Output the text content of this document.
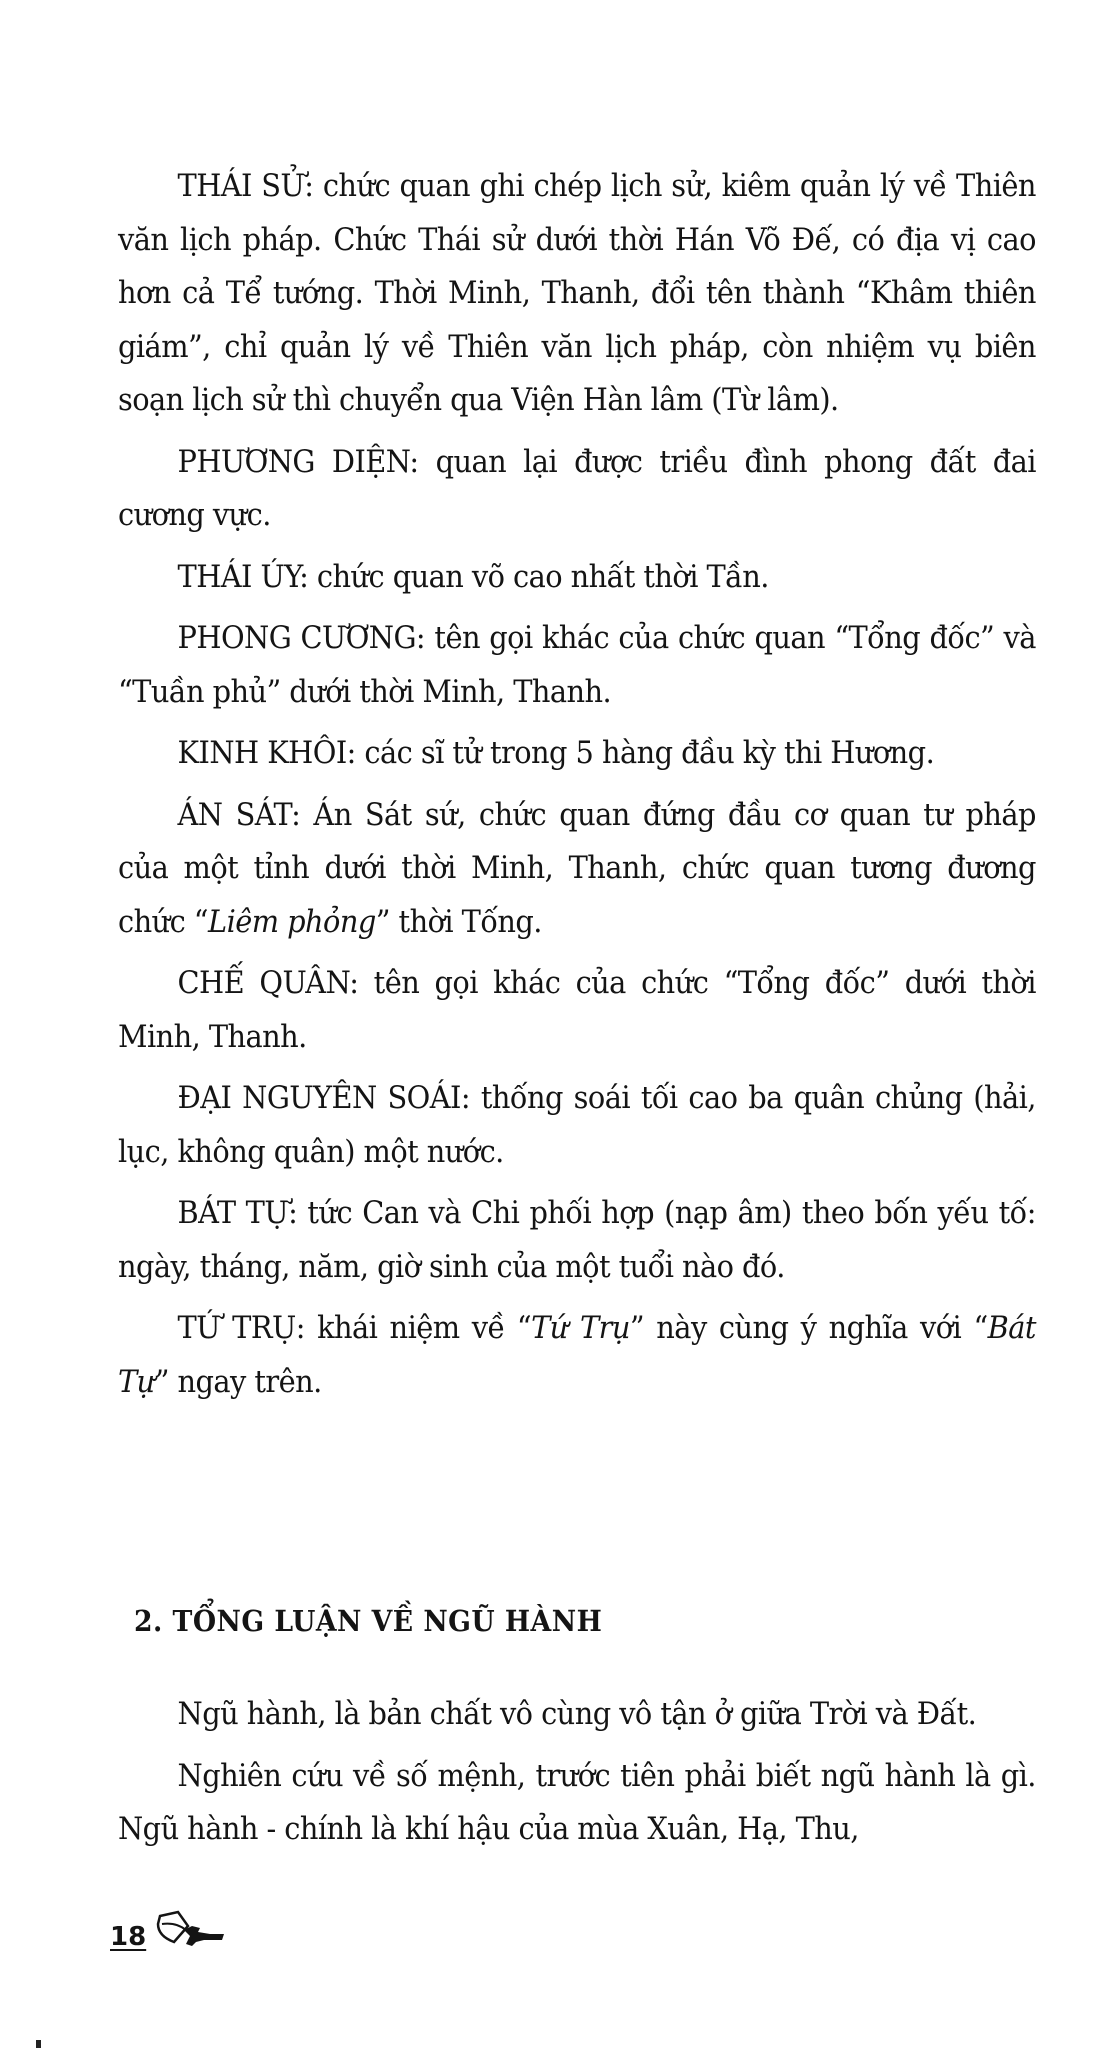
THÁI SỬ: chức quan ghi chép lịch sử, kiêm quản lý về Thiên văn lịch pháp. Chức Thái sử dưới thời Hán Võ Đế, có địa vị cao hơn cả Tể tướng. Thời Minh, Thanh, đổi tên thành “Khâm thiên giám”, chỉ quản lý về Thiên văn lịch pháp, còn nhiệm vụ biên soạn lịch sử thì chuyển qua Viện Hàn lâm (Từ lâm).

PHƯƠNG DIỆN: quan lại được triều đình phong đất đai cương vực.

THÁI ÚY: chức quan võ cao nhất thời Tần.

PHONG CƯƠNG: tên gọi khác của chức quan “Tổng đốc” và “Tuần phủ” dưới thời Minh, Thanh.

KINH KHÔI: các sĩ tử trong 5 hàng đầu kỳ thi Hương.

ÁN SÁT: Án Sát sứ, chức quan đứng đầu cơ quan tư pháp của một tỉnh dưới thời Minh, Thanh, chức quan tương đương chức “Liêm phỏng” thời Tống.

CHẾ QUÂN: tên gọi khác của chức “Tổng đốc” dưới thời Minh, Thanh.

ĐẠI NGUYÊN SOÁI: thống soái tối cao ba quân chủng (hải, lục, không quân) một nước.

BÁT TỰ: tức Can và Chi phối hợp (nạp âm) theo bốn yếu tố: ngày, tháng, năm, giờ sinh của một tuổi nào đó.

TỨ TRỤ: khái niệm về “Tứ Trụ” này cùng ý nghĩa với “Bát Tự” ngay trên.

2. TỔNG LUẬN VỀ NGŨ HÀNH

Ngũ hành, là bản chất vô cùng vô tận ở giữa Trời và Đất.

Nghiên cứu về số mệnh, trước tiên phải biết ngũ hành là gì. Ngũ hành - chính là khí hậu của mùa Xuân, Hạ, Thu,

18
